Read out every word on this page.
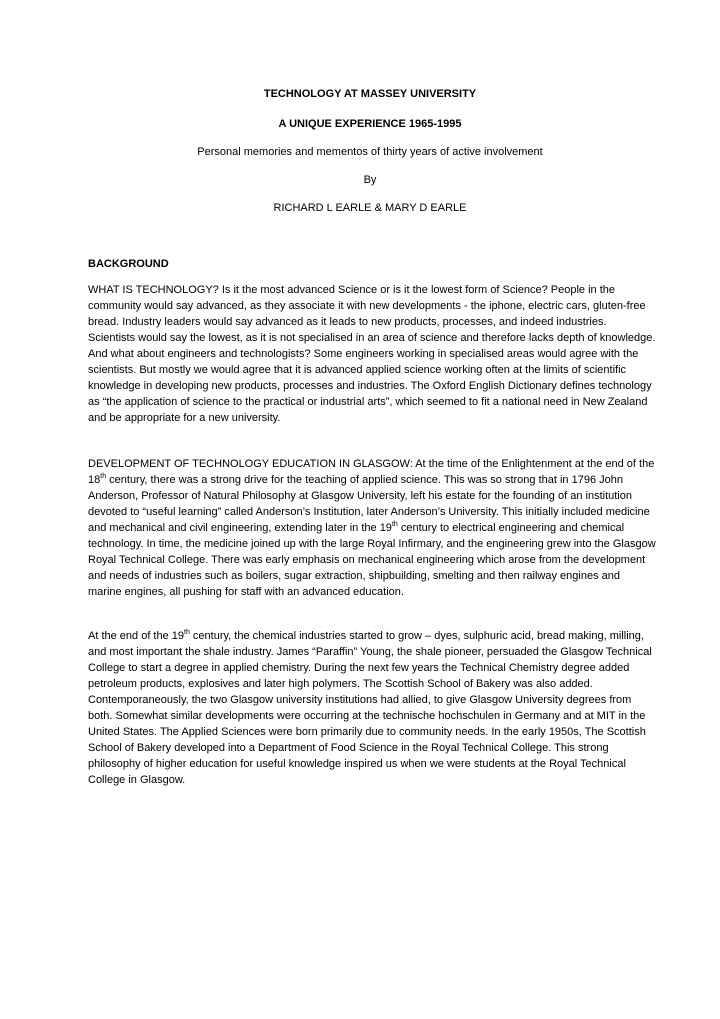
TECHNOLOGY AT MASSEY UNIVERSITY
A UNIQUE EXPERIENCE 1965-1995
Personal memories and mementos of thirty years of active involvement
By
RICHARD L EARLE & MARY D EARLE
BACKGROUND

WHAT IS TECHNOLOGY? Is it the most advanced Science or is it the lowest form of Science? People in the community would say advanced, as they associate it with new developments - the iphone, electric cars, gluten-free bread. Industry leaders would say advanced as it leads to new products, processes, and indeed industries. Scientists would say the lowest, as it is not specialised in an area of science and therefore lacks depth of knowledge. And what about engineers and technologists? Some engineers working in specialised areas would agree with the scientists. But mostly we would agree that it is advanced applied science working often at the limits of scientific knowledge in developing new products, processes and industries. The Oxford English Dictionary defines technology as “the application of science to the practical or industrial arts”, which seemed to fit a national need in New Zealand and be appropriate for a new university.

DEVELOPMENT OF TECHNOLOGY EDUCATION IN GLASGOW: At the time of the Enlightenment at the end of the 18th century, there was a strong drive for the teaching of applied science. This was so strong that in 1796 John Anderson, Professor of Natural Philosophy at Glasgow University, left his estate for the founding of an institution devoted to “useful learning” called Anderson’s Institution, later Anderson’s University. This initially included medicine and mechanical and civil engineering, extending later in the 19th century to electrical engineering and chemical technology. In time, the medicine joined up with the large Royal Infirmary, and the engineering grew into the Glasgow Royal Technical College. There was early emphasis on mechanical engineering which arose from the development and needs of industries such as boilers, sugar extraction, shipbuilding, smelting and then railway engines and marine engines, all pushing for staff with an advanced education.

At the end of the 19th century, the chemical industries started to grow – dyes, sulphuric acid, bread making, milling, and most important the shale industry. James “Paraffin” Young, the shale pioneer, persuaded the Glasgow Technical College to start a degree in applied chemistry. During the next few years the Technical Chemistry degree added petroleum products, explosives and later high polymers. The Scottish School of Bakery was also added. Contemporaneously, the two Glasgow university institutions had allied, to give Glasgow University degrees from both. Somewhat similar developments were occurring at the technische hochschulen in Germany and at MIT in the United States. The Applied Sciences were born primarily due to community needs. In the early 1950s, The Scottish School of Bakery developed into a Department of Food Science in the Royal Technical College. This strong philosophy of higher education for useful knowledge inspired us when we were students at the Royal Technical College in Glasgow.
